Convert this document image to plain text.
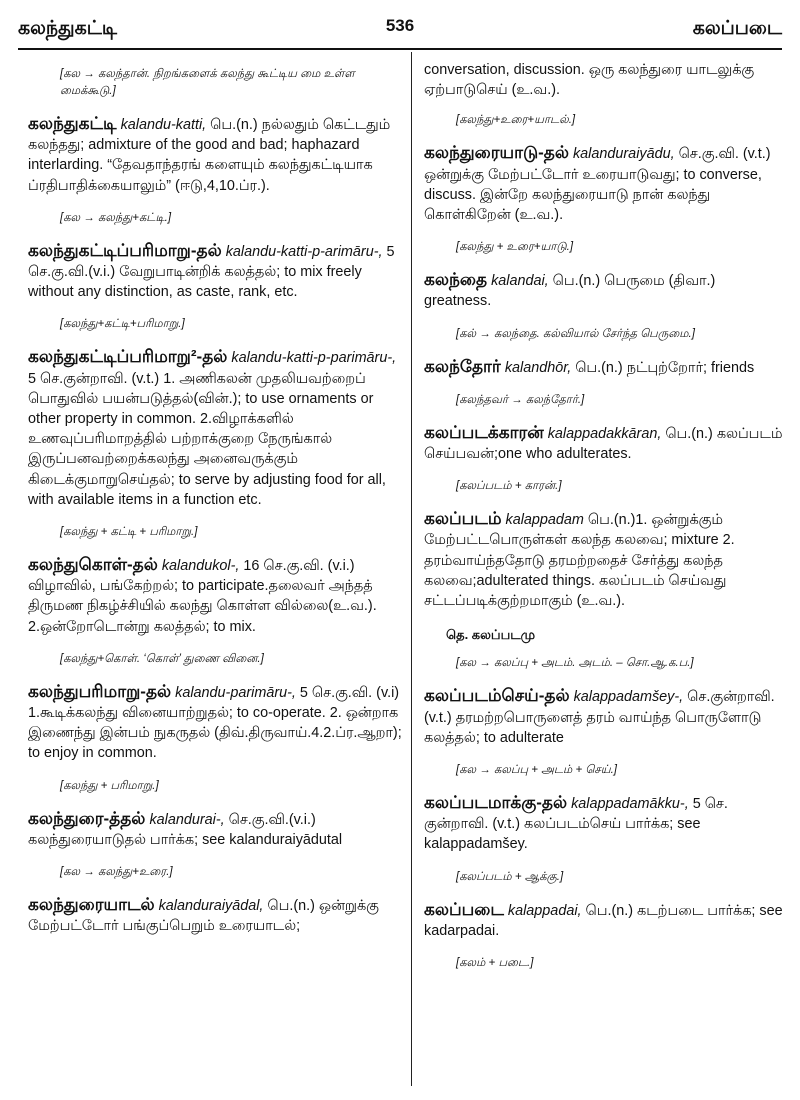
கலந்துகட்டி	536	கலப்படை
[கல → கலந்தான். நிறங்களைக் கலந்து கூட்டிய மை உள்ள மைக்கூடு.]
கலந்துகட்டி kalandu-katti, பெ.(n.) நல்லதும் கெட்டதும் கலந்தது; admixture of the good and bad; haphazard interlarding. “தேவதாந்தரங் களையும் கலந்துகட்டியாக ப்ரதிபாதிக்கையாலும்” (ஈடு,4,10.ப்ர.).
[கல → கலந்து+கட்டி.]
கலந்துகட்டிப்பரிமாறு-தல் kalandu-katti-p-arimāru-, 5 செ.கு.வி.(v.i.) வேறுபாடின்றிக் கலத்தல்; to mix freely without any distinction, as caste, rank, etc.
[கலந்து+கட்டி+பரிமாறு.]
கலந்துகட்டிப்பரிமாறு²-தல் kalandu-katti-p-parimāru-, 5 செ.குன்றாவி. (v.t.) 1. அணிகலன் முதலியவற்றைப் பொதுவில் பயன்படுத்தல்(வின்.); to use ornaments or other property in common. 2.விழாக்களில் உணவுப்பரிமாறத்தில் பற்றாக்குறை நேருங்கால் இருப்பனவற்றைக்கலந்து அனைவருக்கும் கிடைக்குமாறுசெய்தல்; to serve by adjusting food for all, with available items in a function etc.
[கலந்து + கட்டி + பரிமாறு.]
கலந்துகொள்-தல் kalandukol-, 16 செ.கு.வி. (v.i.) விழாவில், பங்கேற்றல்; to participate.தலைவர் அந்தத் திருமண நிகழ்ச்சியில் கலந்து கொள்ள வில்லை(உ.வ.). 2.ஒன்றோடொன்று கலத்தல்; to mix.
[கலந்து+கொள். ‘கொள்’ துணை வினை.]
கலந்துபரிமாறு-தல் kalandu-parimāru-, 5 செ.கு.வி. (v.i) 1.கூடிக்கலந்து வினையாற்றுதல்; to co-operate. 2. ஒன்றாக இணைந்து இன்பம் நுகருதல் (திவ்.திருவாய்.4.2.ப்ர.ஆறா); to enjoy in common.
[கலந்து + பரிமாறு.]
கலந்துரை-த்தல் kalandurai-, செ.கு.வி.(v.i.) கலந்துரையாடுதல் பார்க்க; see kalanduraiyādutal
[கல → கலந்து+உரை.]
கலந்துரையாடல் kalanduraiyādal, பெ.(n.) ஒன்றுக்கு மேற்பட்டோர் பங்குப்பெறும் உரையாடல்;
conversation, discussion. ஒரு கலந்துரை யாடலுக்கு ஏற்பாடுசெய் (உ.வ.).
[கலந்து+உரை+யாடல்.]
கலந்துரையாடு-தல் kalanduraiyādu, செ.கு.வி. (v.t.) ஒன்றுக்கு மேற்பட்டோர் உரையாடுவது; to converse, discuss. இன்றே கலந்துரையாடு நான் கலந்து கொள்கிறேன் (உ.வ.).
[கலந்து + உரை+யாடு.]
கலந்தை kalandai, பெ.(n.) பெருமை (திவா.) greatness.
[கல் → கலந்தை. கல்வியால் சேர்ந்த பெருமை.]
கலந்தோர் kalandhōr, பெ.(n.) நட்புற்றோர்; friends
[கலந்தவர் → கலந்தோர்.]
கலப்படக்காரன் kalappadakkāran, பெ.(n.) கலப்படம் செய்பவன்;one who adulterates.
[கலப்படம் + காரன்.]
கலப்படம் kalappadam பெ.(n.)1. ஒன்றுக்கும் மேற்பட்டபொருள்கள் கலந்த கலவை; mixture 2. தரம்வாய்ந்ததோடு தரமற்றதைச் சேர்த்து கலந்த கலவை;adulterated things. கலப்படம் செய்வது சட்டப்படிக்குற்றமாகும் (உ.வ.).
தெ. கலப்படமு
[கல → கலப்பு + அடம். அடம். – சொ.ஆ.க.ப.]
கலப்படம்செய்-தல் kalappadamšey-, செ.குன்றாவி. (v.t.) தரமற்றபொருளைத் தரம் வாய்ந்த பொருளோடு கலத்தல்; to adulterate
[கல → கலப்பு + அடம் + செய்.]
கலப்படமாக்கு-தல் kalappadamākku-, 5 செ. குன்றாவி. (v.t.) கலப்படம்செய் பார்க்க; see kalappadamšey.
[கலப்படம் + ஆக்கு.]
கலப்படை kalappadai, பெ.(n.) கடற்படை பார்க்க; see kadarpadai.
[கலம் + படை.]
